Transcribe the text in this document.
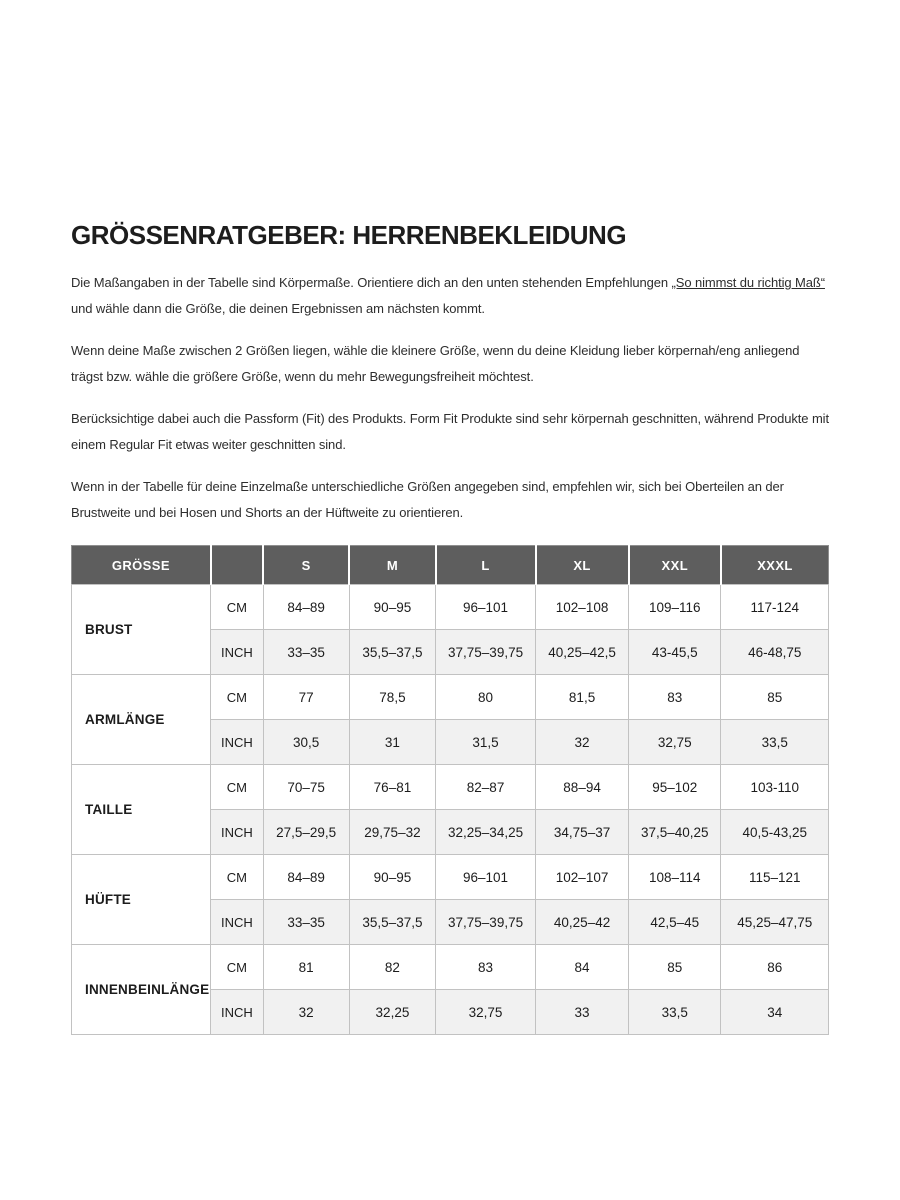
GRÖSSENRATGEBER: HERRENBEKLEIDUNG

Die Maßangaben in der Tabelle sind Körpermaße. Orientiere dich an den unten stehenden Empfehlungen „So nimmst du richtig Maß“ und wähle dann die Größe, die deinen Ergebnissen am nächsten kommt.

Wenn deine Maße zwischen 2 Größen liegen, wähle die kleinere Größe, wenn du deine Kleidung lieber körpernah/eng anliegend trägst bzw. wähle die größere Größe, wenn du mehr Bewegungsfreiheit möchtest.

Berücksichtige dabei auch die Passform (Fit) des Produkts. Form Fit Produkte sind sehr körpernah geschnitten, während Produkte mit einem Regular Fit etwas weiter geschnitten sind.

Wenn in der Tabelle für deine Einzelmaße unterschiedliche Größen angegeben sind, empfehlen wir, sich bei Oberteilen an der Brustweite und bei Hosen und Shorts an der Hüftweite zu orientieren.

GRÖSSE		S	M	L	XL	XXL	XXXL
BRUST	CM	84–89	90–95	96–101	102–108	109–116	117-124
	INCH	33–35	35,5–37,5	37,75–39,75	40,25–42,5	43-45,5	46-48,75
ARMLÄNGE	CM	77	78,5	80	81,5	83	85
	INCH	30,5	31	31,5	32	32,75	33,5
TAILLE	CM	70–75	76–81	82–87	88–94	95–102	103-110
	INCH	27,5–29,5	29,75–32	32,25–34,25	34,75–37	37,5–40,25	40,5-43,25
HÜFTE	CM	84–89	90–95	96–101	102–107	108–114	115–121
	INCH	33–35	35,5–37,5	37,75–39,75	40,25–42	42,5–45	45,25–47,75
INNENBEINLÄNGE	CM	81	82	83	84	85	86
	INCH	32	32,25	32,75	33	33,5	34
